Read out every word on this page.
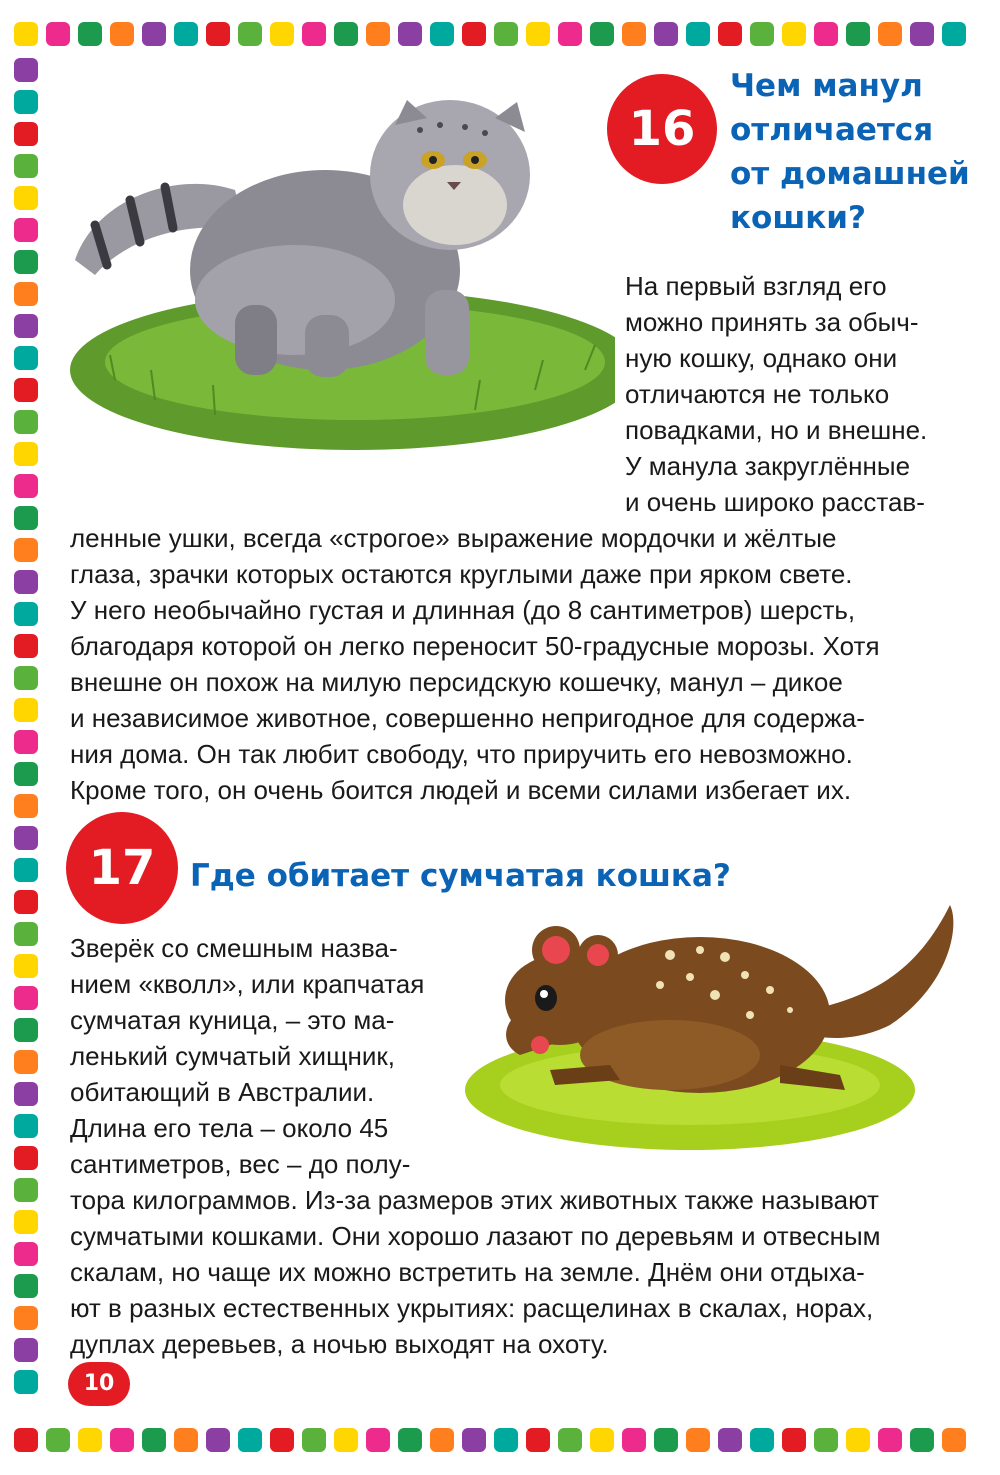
16
Чем манул
отличается
от домашней
кошки?
На первый взгляд его
можно принять за обыч-
ную кошку, однако они
отличаются не только
повадками, но и внешне.
У манула закруглённые
и очень широко расстав-
ленные ушки, всегда «строгое» выражение мордочки и жёлтые
глаза, зрачки которых остаются круглыми даже при ярком свете.
У него необычайно густая и длинная (до 8 сантиметров) шерсть,
благодаря которой он легко переносит 50-градусные морозы. Хотя
внешне он похож на милую персидскую кошечку, манул – дикое
и независимое животное, совершенно непригодное для содержа-
ния дома. Он так любит свободу, что приручить его невозможно.
Кроме того, он очень боится людей и всеми силами избегает их.
17	Где обитает сумчатая кошка?
Зверёк со смешным назва-
нием «кволл», или крапчатая
сумчатая куница, – это ма-
ленький сумчатый хищник,
обитающий в Австралии.
Длина его тела – около 45
сантиметров, вес – до полу-
тора килограммов. Из-за размеров этих животных также называют
сумчатыми кошками. Они хорошо лазают по деревьям и отвесным
скалам, но чаще их можно встретить на земле. Днём они отдыха-
ют в разных естественных укрытиях: расщелинах в скалах, норах,
дуплах деревьев, а ночью выходят на охоту.
10
